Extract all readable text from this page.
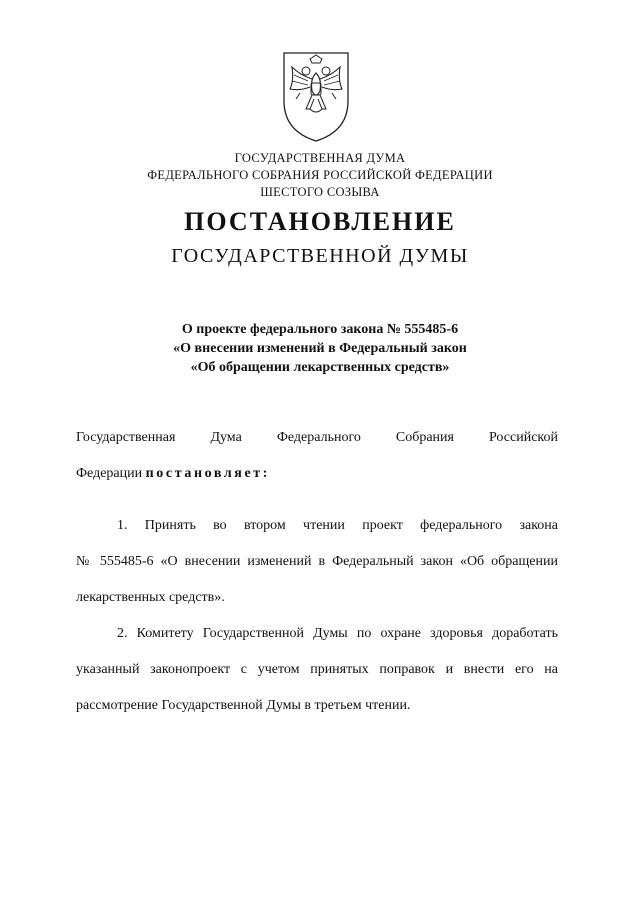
ГОСУДАРСТВЕННАЯ ДУМА
ФЕДЕРАЛЬНОГО СОБРАНИЯ РОССИЙСКОЙ ФЕДЕРАЦИИ
ШЕСТОГО СОЗЫВА
ПОСТАНОВЛЕНИЕ
ГОСУДАРСТВЕННОЙ ДУМЫ
О проекте федерального закона № 555485-6
«О внесении изменений в Федеральный закон
«Об обращении лекарственных средств»
Государственная Дума Федерального Собрания Российской
Федерации постановляет:
1. Принять во втором чтении проект федерального закона
№ 555485-6 «О внесении изменений в Федеральный закон «Об обращении
лекарственных средств».
2. Комитету Государственной Думы по охране здоровья доработать
указанный законопроект с учетом принятых поправок и внести его на
рассмотрение Государственной Думы в третьем чтении.
